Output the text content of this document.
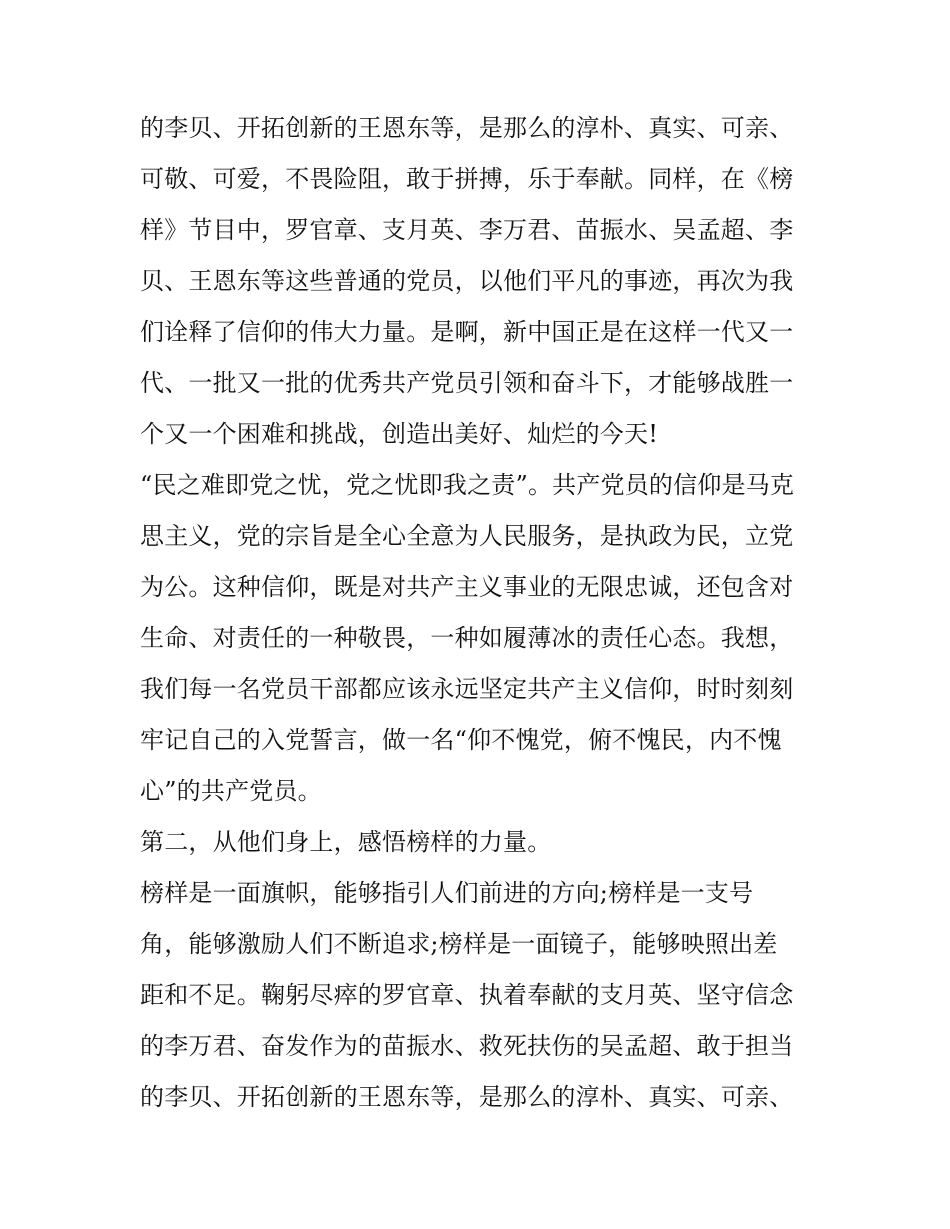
的李贝、开拓创新的王恩东等，是那么的淳朴、真实、可亲、
可敬、可爱，不畏险阻，敢于拼搏，乐于奉献。同样，在《榜
样》节目中，罗官章、支月英、李万君、苗振水、吴孟超、李
贝、王恩东等这些普通的党员，以他们平凡的事迹，再次为我
们诠释了信仰的伟大力量。是啊，新中国正是在这样一代又一
代、一批又一批的优秀共产党员引领和奋斗下，才能够战胜一
个又一个困难和挑战，创造出美好、灿烂的今天!
“民之难即党之忧，党之忧即我之责”。共产党员的信仰是马克
思主义，党的宗旨是全心全意为人民服务，是执政为民，立党
为公。这种信仰，既是对共产主义事业的无限忠诚，还包含对
生命、对责任的一种敬畏，一种如履薄冰的责任心态。我想，
我们每一名党员干部都应该永远坚定共产主义信仰，时时刻刻
牢记自己的入党誓言，做一名“仰不愧党，俯不愧民，内不愧
心”的共产党员。
第二，从他们身上，感悟榜样的力量。
榜样是一面旗帜，能够指引人们前进的方向;榜样是一支号
角，能够激励人们不断追求;榜样是一面镜子，能够映照出差
距和不足。鞠躬尽瘁的罗官章、执着奉献的支月英、坚守信念
的李万君、奋发作为的苗振水、救死扶伤的吴孟超、敢于担当
的李贝、开拓创新的王恩东等，是那么的淳朴、真实、可亲、
